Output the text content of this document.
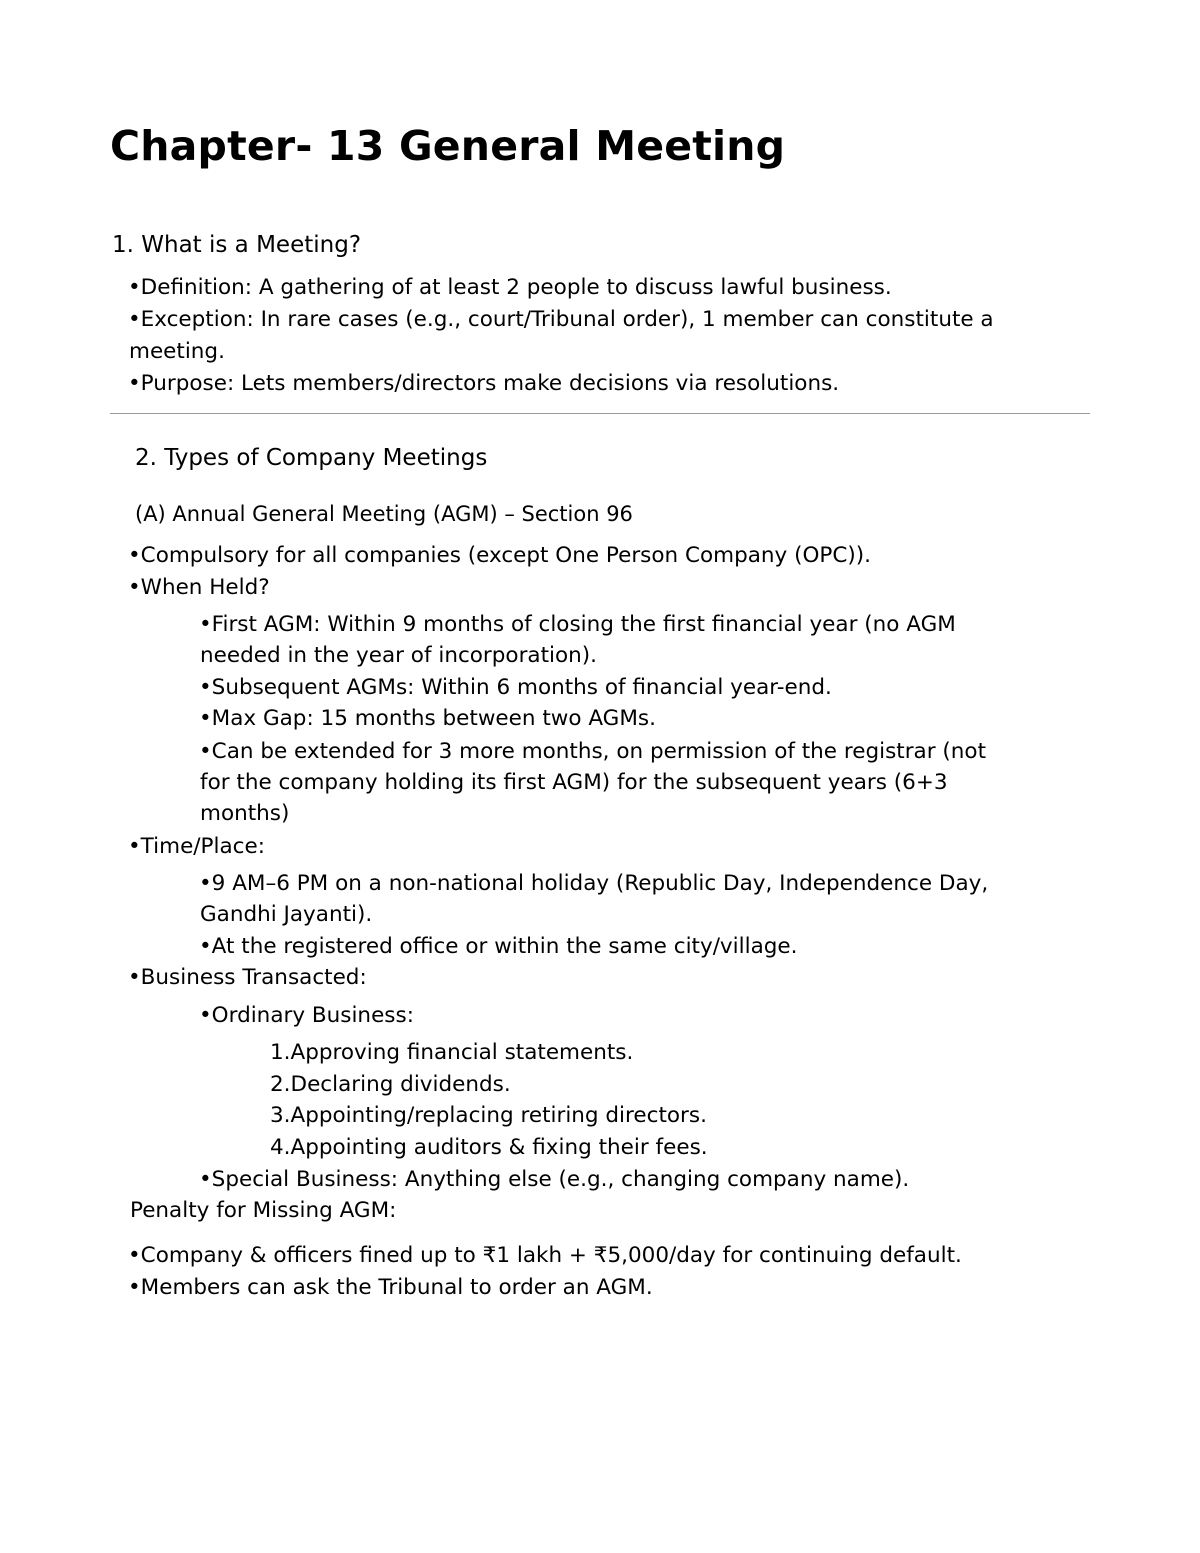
Chapter- 13 General Meeting
1. What is a Meeting?
•Definition: A gathering of at least 2 people to discuss lawful business.
•Exception: In rare cases (e.g., court/Tribunal order), 1 member can constitute a
meeting.
•Purpose: Lets members/directors make decisions via resolutions.
2. Types of Company Meetings
(A) Annual General Meeting (AGM) – Section 96
•Compulsory for all companies (except One Person Company (OPC)).
•When Held?
•First AGM: Within 9 months of closing the first financial year (no AGM
needed in the year of incorporation).
•Subsequent AGMs: Within 6 months of financial year-end.
•Max Gap: 15 months between two AGMs.
•Can be extended for 3 more months, on permission of the registrar (not
for the company holding its first AGM) for the subsequent years (6+3
months)
•Time/Place:
•9 AM–6 PM on a non-national holiday (Republic Day, Independence Day,
Gandhi Jayanti).
•At the registered office or within the same city/village.
•Business Transacted:
•Ordinary Business:
1.Approving financial statements.
2.Declaring dividends.
3.Appointing/replacing retiring directors.
4.Appointing auditors & fixing their fees.
•Special Business: Anything else (e.g., changing company name).
Penalty for Missing AGM:
•Company & officers fined up to ₹1 lakh + ₹5,000/day for continuing default.
•Members can ask the Tribunal to order an AGM.
